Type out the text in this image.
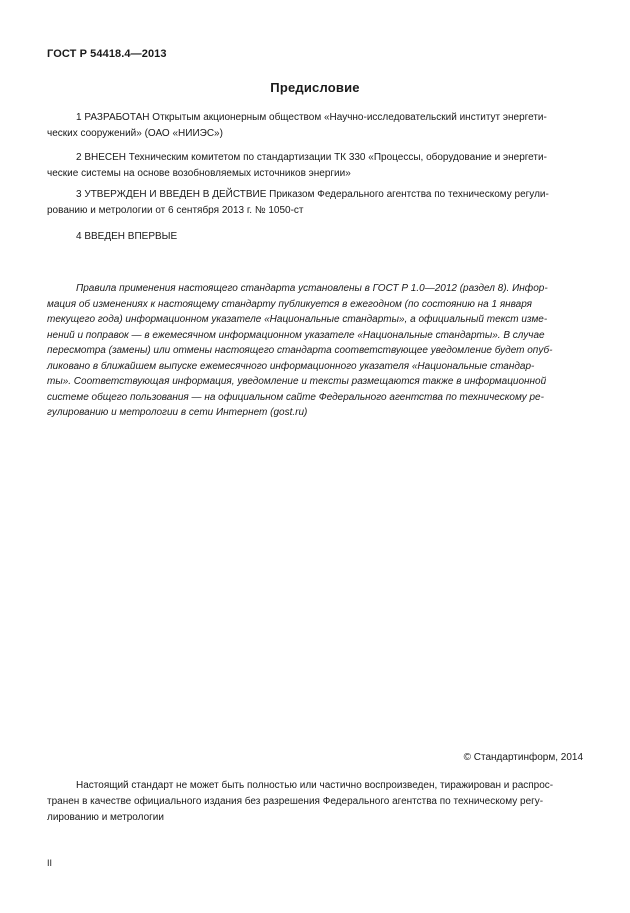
ГОСТ Р 54418.4—2013
Предисловие
1 РАЗРАБОТАН Открытым акционерным обществом «Научно-исследовательский институт энергети-
ческих сооружений» (ОАО «НИИЭС»)
2 ВНЕСЕН Техническим комитетом по стандартизации ТК 330 «Процессы, оборудование и энергети-
ческие системы на основе возобновляемых источников энергии»
3 УТВЕРЖДЕН И ВВЕДЕН В ДЕЙСТВИЕ Приказом Федерального агентства по техническому регули-
рованию и метрологии от 6 сентября 2013 г. № 1050-ст
4 ВВЕДЕН ВПЕРВЫЕ
Правила применения настоящего стандарта установлены в ГОСТ Р 1.0—2012 (раздел 8). Инфор-
мация об изменениях к настоящему стандарту публикуется в ежегодном (по состоянию на 1 января
текущего года) информационном указателе «Национальные стандарты», а официальный текст изме-
нений и поправок — в ежемесячном информационном указателе «Национальные стандарты». В случае
пересмотра (замены) или отмены настоящего стандарта соответствующее уведомление будет опуб-
ликовано в ближайшем выпуске ежемесячного информационного указателя «Национальные стандар-
ты». Соответствующая информация, уведомление и тексты размещаются также в информационной
системе общего пользования — на официальном сайте Федерального агентства по техническому ре-
гулированию и метрологии в сети Интернет (gost.ru)
© Стандартинформ, 2014
Настоящий стандарт не может быть полностью или частично воспроизведен, тиражирован и распрос-
транен в качестве официального издания без разрешения Федерального агентства по техническому регу-
лированию и метрологии
II
